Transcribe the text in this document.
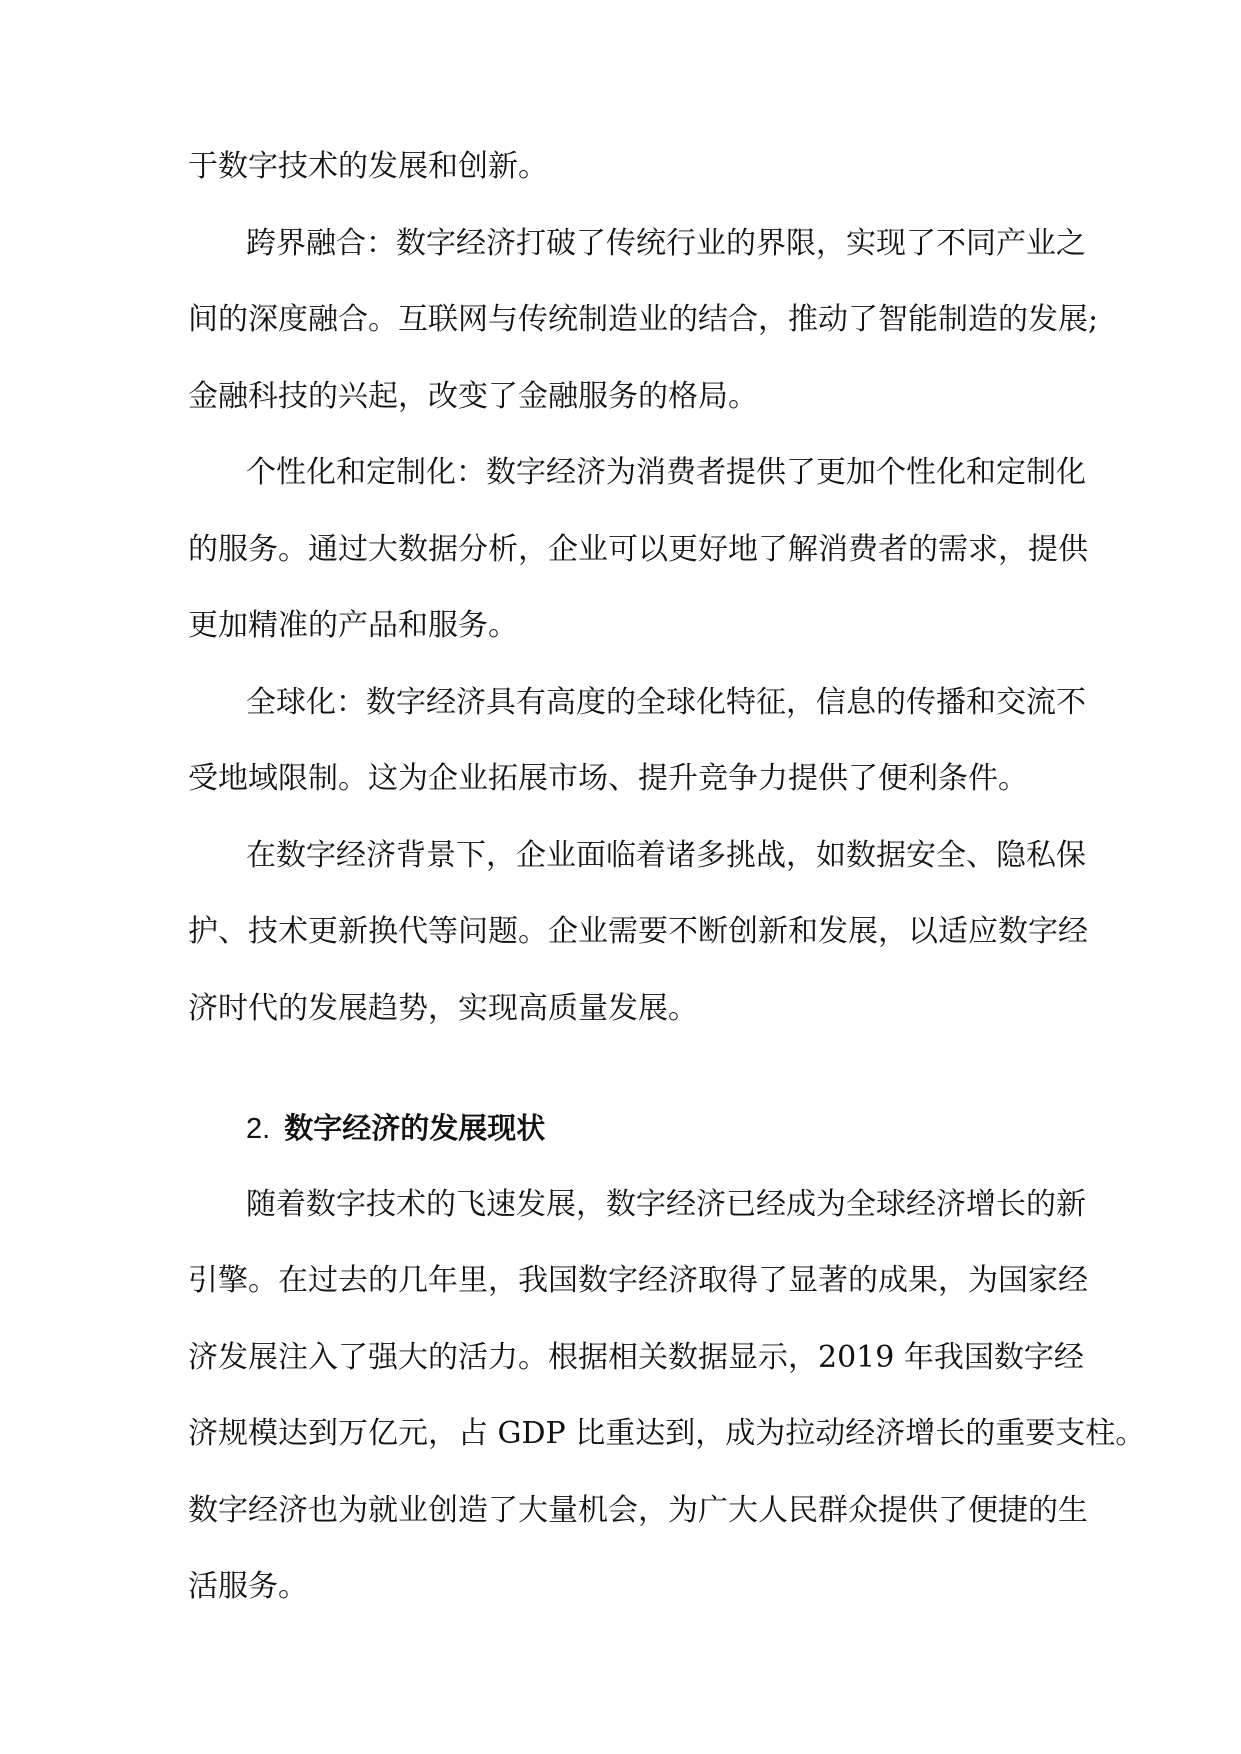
于数字技术的发展和创新。
跨界融合：数字经济打破了传统行业的界限，实现了不同产业之
间的深度融合。互联网与传统制造业的结合，推动了智能制造的发展;
金融科技的兴起，改变了金融服务的格局。
个性化和定制化：数字经济为消费者提供了更加个性化和定制化
的服务。通过大数据分析，企业可以更好地了解消费者的需求，提供
更加精准的产品和服务。
全球化：数字经济具有高度的全球化特征，信息的传播和交流不
受地域限制。这为企业拓展市场、提升竞争力提供了便利条件。
在数字经济背景下，企业面临着诸多挑战，如数据安全、隐私保
护、技术更新换代等问题。企业需要不断创新和发展，以适应数字经
济时代的发展趋势，实现高质量发展。
2. 数字经济的发展现状
随着数字技术的飞速发展，数字经济已经成为全球经济增长的新
引擎。在过去的几年里，我国数字经济取得了显著的成果，为国家经
济发展注入了强大的活力。根据相关数据显示，2019 年我国数字经
济规模达到万亿元，占 GDP 比重达到，成为拉动经济增长的重要支柱。
数字经济也为就业创造了大量机会，为广大人民群众提供了便捷的生
活服务。
